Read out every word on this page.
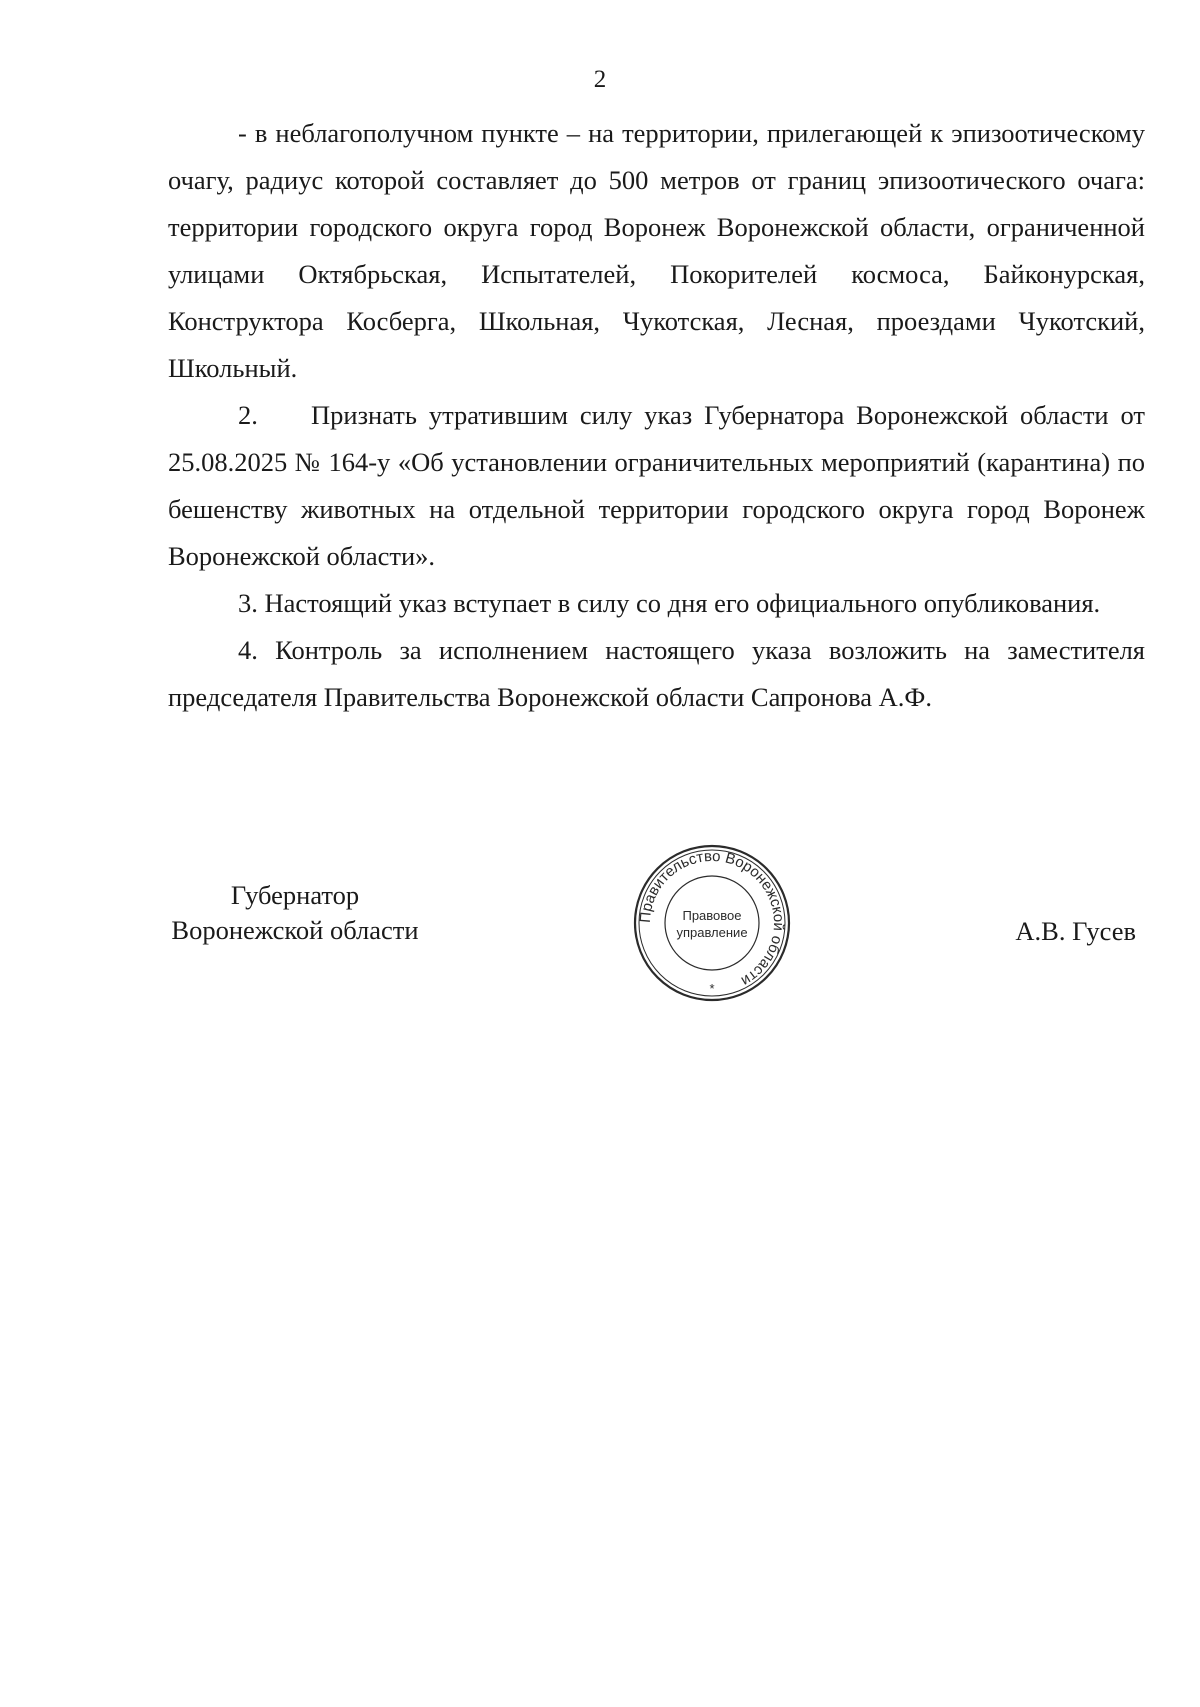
2

- в неблагополучном пункте – на территории, прилегающей к эпизоотическому очагу, радиус которой составляет до 500 метров от границ эпизоотического очага: территории городского округа город Воронеж Воронежской области, ограниченной улицами Октябрьская, Испытателей, Покорителей космоса, Байконурская, Конструктора Косберга, Школьная, Чукотская, Лесная, проездами Чукотский, Школьный.

2. Признать утратившим силу указ Губернатора Воронежской области от 25.08.2025 № 164-у «Об установлении ограничительных мероприятий (карантина) по бешенству животных на отдельной территории городского округа город Воронеж Воронежской области».

3. Настоящий указ вступает в силу со дня его официального опубликования.

4. Контроль за исполнением настоящего указа возложить на заместителя председателя Правительства Воронежской области Сапронова А.Ф.

Губернатор
Воронежской области	А.В. Гусев
Правительство Воронежской области
Правовое
управление
*
